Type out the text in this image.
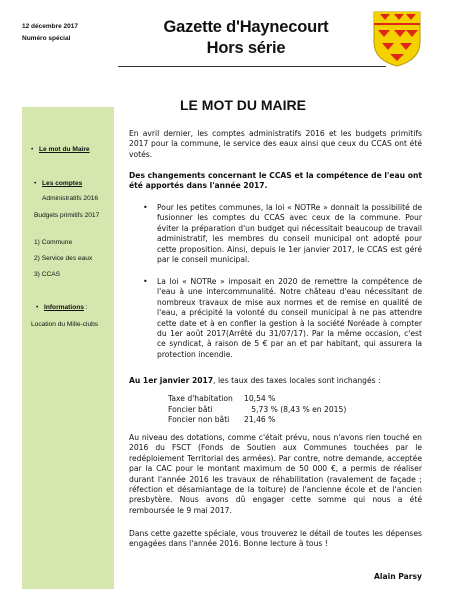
12 décembre 2017
Numéro spécial
Gazette d'Haynecourt
Hors série
• Le mot du Maire
• Les comptes
Administratifs 2016
Budgets primitifs 2017
1) Commune
2) Service des eaux
3) CCAS
• Informations :
Location du Mille-clubs
LE MOT DU MAIRE
En avril dernier, les comptes administratifs 2016 et les budgets primitifs 2017 pour la commune, le service des eaux ainsi que ceux du CCAS ont été votés.
Des changements concernant le CCAS et la compétence de l'eau ont été apportés dans l'année 2017.
• Pour les petites communes, la loi « NOTRe » donnait la possibilité de fusionner les comptes du CCAS avec ceux de la commune. Pour éviter la préparation d'un budget qui nécessitait beaucoup de travail administratif, les membres du conseil municipal ont adopté pour cette proposition. Ainsi, depuis le 1er janvier 2017, le CCAS est géré par le conseil municipal.
• La loi « NOTRe » imposait en 2020 de remettre la compétence de l'eau à une intercommunalité. Notre château d'eau nécessitant de nombreux travaux de mise aux normes et de remise en qualité de l'eau, a précipité la volonté du conseil municipal à ne pas attendre cette date et à en confier la gestion à la société Noréade à compter du 1er août 2017(Arrêté du 31/07/17). Par la même occasion, c'est ce syndicat, à raison de 5 € par an et par habitant, qui assurera la protection incendie.
Au 1er janvier 2017, les taux des taxes locales sont inchangés :
Taxe d'habitation 10,54 %
Foncier bâti	5,73 % (8,43 % en 2015)
Foncier non bâti 21,46 %
Au niveau des dotations, comme c'était prévu, nous n'avons rien touché en 2016 du FSCT (Fonds de Soutien aux Communes touchées par le redéploiement Territorial des armées). Par contre, notre demande, acceptée par la CAC pour le montant maximum de 50 000 €, a permis de réaliser durant l'année 2016 les travaux de réhabilitation (ravalement de façade ; réfection et désamiantage de la toiture) de l'ancienne école et de l'ancien presbytère. Nous avons dû engager cette somme qui nous a été remboursée le 9 mai 2017.
Dans cette gazette spéciale, vous trouverez le détail de toutes les dépenses engagées dans l'année 2016. Bonne lecture à tous !
Alain Parsy
